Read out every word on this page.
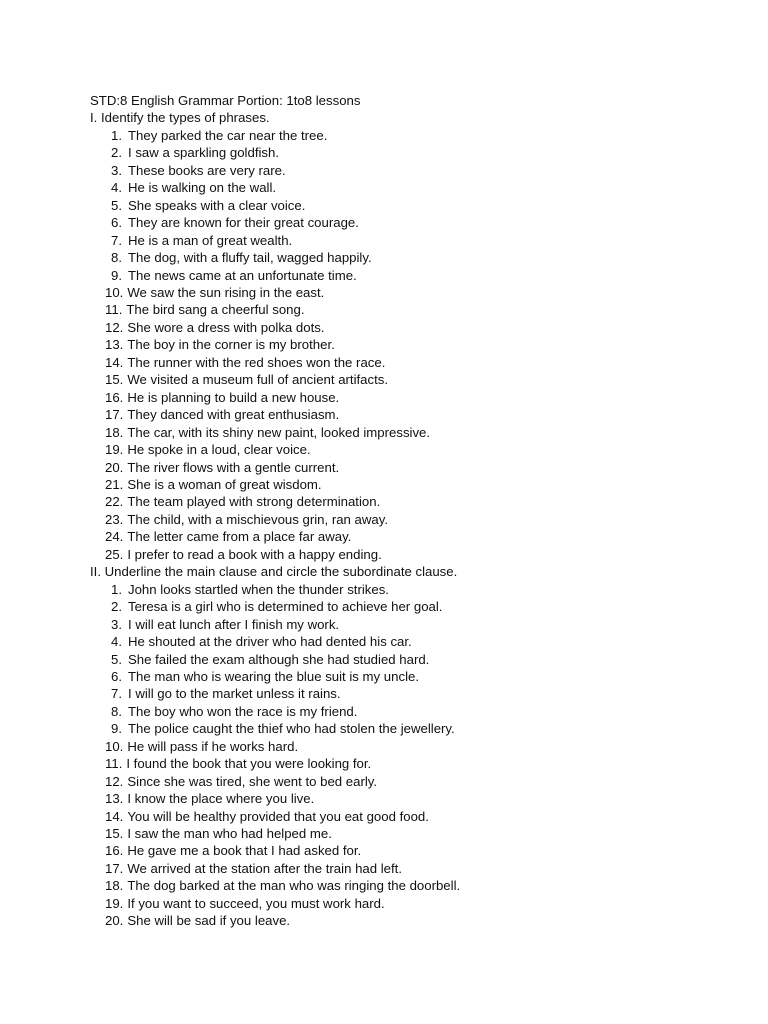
STD:8 English Grammar Portion: 1to8 lessons
I. Identify the types of phrases.
1. They parked the car near the tree.
2. I saw a sparkling goldfish.
3. These books are very rare.
4. He is walking on the wall.
5. She speaks with a clear voice.
6. They are known for their great courage.
7. He is a man of great wealth.
8. The dog, with a fluffy tail, wagged happily.
9. The news came at an unfortunate time.
10. We saw the sun rising in the east.
11. The bird sang a cheerful song.
12. She wore a dress with polka dots.
13. The boy in the corner is my brother.
14. The runner with the red shoes won the race.
15. We visited a museum full of ancient artifacts.
16. He is planning to build a new house.
17. They danced with great enthusiasm.
18. The car, with its shiny new paint, looked impressive.
19. He spoke in a loud, clear voice.
20. The river flows with a gentle current.
21. She is a woman of great wisdom.
22. The team played with strong determination.
23. The child, with a mischievous grin, ran away.
24. The letter came from a place far away.
25. I prefer to read a book with a happy ending.
II. Underline the main clause and circle the subordinate clause.
1. John looks startled when the thunder strikes.
2. Teresa is a girl who is determined to achieve her goal.
3. I will eat lunch after I finish my work.
4. He shouted at the driver who had dented his car.
5. She failed the exam although she had studied hard.
6. The man who is wearing the blue suit is my uncle.
7. I will go to the market unless it rains.
8. The boy who won the race is my friend.
9. The police caught the thief who had stolen the jewellery.
10. He will pass if he works hard.
11. I found the book that you were looking for.
12. Since she was tired, she went to bed early.
13. I know the place where you live.
14. You will be healthy provided that you eat good food.
15. I saw the man who had helped me.
16. He gave me a book that I had asked for.
17. We arrived at the station after the train had left.
18. The dog barked at the man who was ringing the doorbell.
19. If you want to succeed, you must work hard.
20. She will be sad if you leave.
